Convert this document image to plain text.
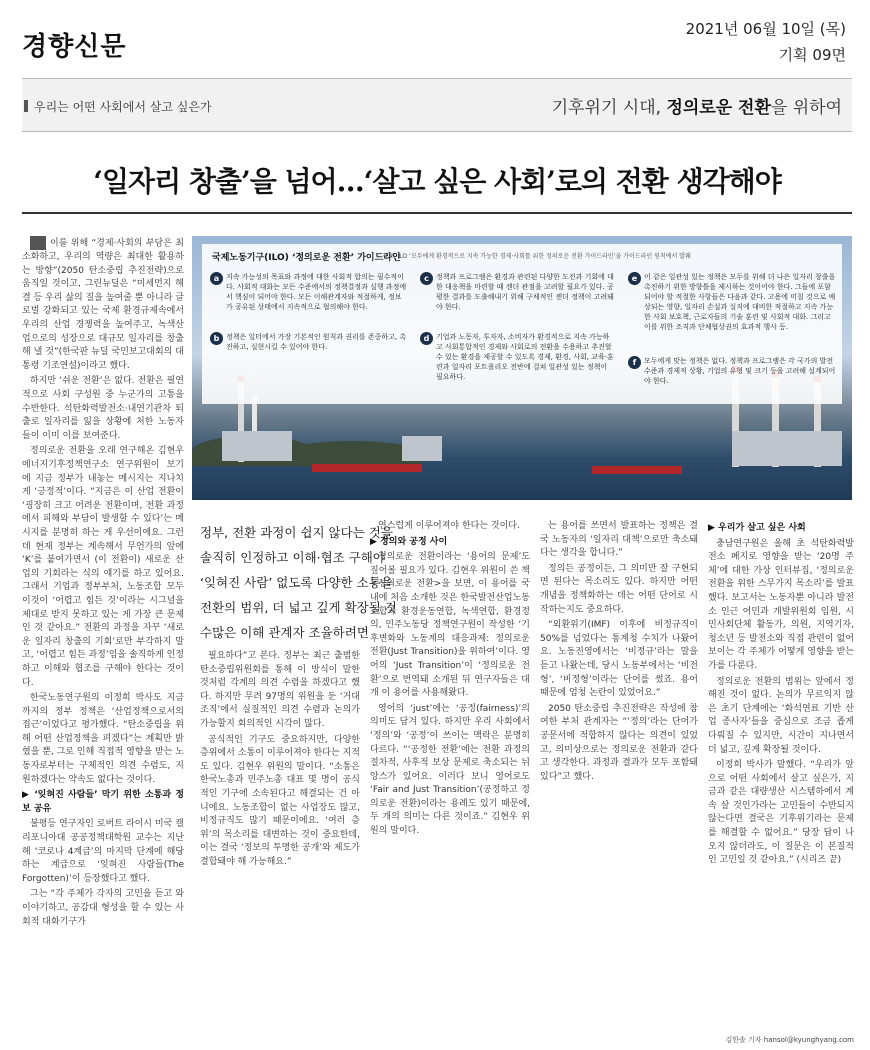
경향신문
2021년 06월 10일 (목)
기획 09면
우리는 어떤 사회에서 살고 싶은가	기후위기 시대, 정의로운 전환을 위하여
‘일자리 창출’을 넘어…‘살고 싶은 사회’로의 전환 생각해야

이를 위해 “경제·사회의 부담은 최소화하고, 우리의 역량은 최대한 활용하는 방향”(2050 탄소중립 추진전략)으로 움직일 것이고, 그린뉴딜은 “미세먼지 해결 등 우리 삶의 질을 높여줄 뿐 아니라 글로벌 강화되고 있는 국제 환경규제속에서 우리의 산업 경쟁력을 높여주고, 녹색산업으로의 성장으로 대규모 일자리를 창출해 낼 것”(한국판 뉴딜 국민보고대회의 대통령 기조연설)이라고 했다.

하지만 ‘쉬운 전환’은 없다. 전환은 필연적으로 사회 구성원 중 누군가의 고통을 수반한다. 석탄화력발전소·내연기관차 퇴출로 일자리를 잃을 상황에 처한 노동자들이 이미 이를 보여준다.

정의로운 전환을 오래 연구해온 김현우 에너지기후정책연구소 연구위원이 보기에 지금 정부가 내놓는 메시지는 지나치게 ‘긍정적’이다. “지금은 이 산업 전환이 ‘굉장히 크고 어려운 전환이며, 전환 과정에서 피해와 부담이 발생할 수 있다’는 메시지를 분명히 하는 게 우선이에요. 그런데 현재 정부는 계속해서 무언가의 앞에 ‘K’를 붙여가면서 (이 전환이) 새로운 산업의 기회라는 식의 얘기를 하고 있어요. 그래서 기업과 정부부처, 노동조합 모두 이것이 ‘어렵고 힘든 것’이라는 시그널을 제대로 받지 못하고 있는 게 가장 큰 문제인 것 같아요.” 전환의 과정을 자꾸 ‘새로운 일자리 창출의 기회’로만 부각하지 말고, ‘어렵고 힘든 과정’임을 솔직하게 인정하고 이해와 협조를 구해야 한다는 것이다.

한국노동연구원의 이정희 박사도 지금까지의 정부 정책은 ‘산업정책으로서의 접근’이었다고 평가했다. “탄소중립을 위해 어떤 산업정책을 펴겠다”는 계획만 밝혔을 뿐, 그로 인해 직접적 영향을 받는 노동자로부터는 구체적인 의견 수렴도, 지원하겠다는 약속도 없다는 것이다.

▶ ‘잊혀진 사람들’ 막기 위한 소통과 정보 공유

불평등 연구자인 로버트 라이시 미국 캘리포니아대 공공정책대학원 교수는 지난해 ‘코로나 4계급’의 마지막 단계에 해당하는 계급으로 ‘잊혀진 사람들(The Forgotten)’이 등장했다고 했다.

그는 “각 주체가 각자의 고민을 듣고 와 이야기하고, 공감대 형성을 할 수 있는 사회적 대화기구가

국제노동기구(ILO) ‘정의로운 전환’ 가이드라인
자료: ILO ‘모두에게 환경적으로 지속 가능한 경제·사회를 위한 정의로운 전환 가이드라인’을 가이드라인 원칙에서 발췌
a 지속 가능성의 목표와 과정에 대한 사회적 합의는 필수적이다. 사회적 대화는 모든 수준에서의 정책결정과 실행 과정에서 핵심이 되어야 한다. 모든 이해관계자와 적절하게, 정보가 공유된 상태에서 지속적으로 협의해야 한다.
b 정책은 일터에서 가장 기본적인 원칙과 권리를 존중하고, 촉진하고, 실현시킬 수 있어야 한다.
c	정책과 프로그램은 환경과 관련된 다양한 도전과 기회에 대한 대응책을 마련할 때 젠더 관점을 고려할 필요가 있다. 공평한 결과를 도출해내기 위해 구체적인 젠더 정책이 고려돼야 한다.
d 기업과 노동자, 투자자, 소비자가 환경적으로 지속 가능하고 사회통합적인 경제와 사회로의 전환을 수용하고 추진할 수 있는 환경을 제공할 수 있도록 경제, 환경, 사회, 교육·훈련과 일자리 포트폴리오 전반에 걸쳐 일관성 있는 정책이 필요하다.
e 이 같은 일관성 있는 정책은 모두를 위해 더 나은 일자리 창출을 촉진하기 위한 방향틀을 제시하는 것이어야 한다. 그들에 포함되어야 할 적절한 사항들은 다음과 같다. 고용에 미칠 것으로 예상되는 영향, 일자리 손실과 실직에 대비한 적절하고 지속 가능한 사회 보호책, 근로자들의 기술 훈련 및 사회적 대화. 그리고 이를 위한 조직과 단체협상권의 효과적 행사 등.
f	모두에게 맞는 정책은 없다. 정책과 프로그램은 각 국가의 발전 수준과 경제적 상황, 기업의 유형 및 크기 등을 고려해 설계되어야 한다.
정부, 전환 과정이 쉽지 않다는 것을
솔직히 인정하고 이해·협조 구해야
‘잊혀진 사람’ 없도록 다양한 소통을
전환의 범위, 더 넓고 깊게 확장될 것
수많은 이해 관계자 조율하려면

필요하다”고 본다. 정부는 최근 출범한 탄소중립위원회를 통해 이 방식이 말한 것처럼 각계의 의견 수렴을 하겠다고 했다. 하지만 무려 97명의 위원을 둔 ‘거대 조직’에서 실질적인 의견 수렴과 논의가 가능할지 회의적인 시각이 많다.

공식적인 기구도 중요하지만, 다양한 층위에서 소통이 이루어져야 한다는 지적도 있다. 김현우 위원의 말이다. “소통은 한국노총과 민주노총 대표 몇 명이 공식적인 기구에 소속된다고 해결되는 건 아니에요. 노동조합이 없는 사업장도 많고, 비정규직도 많기 때문이에요. ‘여러 층위’의 목소리를 대변하는 것이 중요한데, 이는 결국 ‘정보의 투명한 공개’와 제도가 결합돼야 해 가능해요.”

연스럽게 이루어져야 한다는 것이다.

▶ 정의와 공정 사이

정의로운 전환이라는 ‘용어의 문제’도 짚어볼 필요가 있다. 김현우 위원이 쓴 책 <정의로운 전환>을 보면, 이 용어를 국내에 처음 소개한 것은 한국발전산업노동조합과 환경운동연합, 녹색연합, 환경정의, 민주노동당 정책연구원이 작성한 ‘기후변화와 노동계의 대응과제: 정의로운 전환(Just Transition)을 위하여’이다. 영어의 ‘Just Transition’이 ‘정의로운 전환’으로 번역돼 소개된 뒤 연구자들은 대개 이 용어를 사용해왔다.

영어의 ‘just’에는 ‘공정(fairness)’의 의미도 담겨 있다. 하지만 우리 사회에서 ‘정의’와 ‘공정’이 쓰이는 맥락은 분명히 다르다. “‘공정한 전환’에는 전환 과정의 절차적, 사후적 보상 문제로 축소되는 뉘앙스가 있어요. 이러다 보니 영어로도 ‘Fair and Just Transition’(공정하고 정의로운 전환)이라는 용례도 있기 때문에, 두 개의 의미는 다른 것이죠.” 김현우 위원의 말이다.

는 용어를 쓰면서 발표하는 정책은 결국 노동자의 ‘일자리 대책’으로만 축소돼다는 생각을 합니다.”

정의든 공정이든, 그 의미만 잘 구현되면 된다는 목소리도 있다. 하지만 어떤 개념을 정책화하는 데는 어떤 단어로 시작하는지도 중요하다.

“외환위기(IMF) 이후에 비정규직이 50%를 넘었다는 통계청 수치가 나왔어요. 노동진영에서는 ‘비정규’라는 말을 듣고 나왔는데, 당시 노동부에서는 ‘비전형’, ‘비정형’이라는 단어를 썼죠. 용어 때문에 엄청 논란이 있었어요.”

2050 탄소중립 추진전략은 작성에 참여한 부처 관계자는 “‘정의’라는 단어가 공문서에 적합하지 않다는 의견이 있었고, 의미상으로는 정의로운 전환과 같다고 생각한다. 과정과 결과가 모두 포함돼 있다”고 했다.

▶ 우리가 살고 싶은 사회

충남연구원은 올해 초 석탄화력발전소 폐지로 영향을 받는 ‘20명 주체’에 대한 가상 인터뷰집, ‘정의로운 전환을 위한 스무가지 목소리’를 발표했다. 보고서는 노동자뿐 아니라 발전소 인근 어민과 개발위원회 임원, 시민사회단체 활동가, 의원, 지역기자, 청소년 등 발전소와 직접 관련이 없어 보이는 각 주체가 어떻게 영향을 받는가를 다룬다.

정의로운 전환의 범위는 앞에서 정해진 것이 없다. 논의가 무르익지 않은 초기 단계에는 ‘화석연료 기반 산업 종사자’들을 중심으로 조금 좁게 다뤄질 수 있지만, 시간이 지나면서 더 넓고, 깊게 확장될 것이다.

이정희 박사가 말했다. “우리가 앞으로 어떤 사회에서 살고 싶은가, 지금과 같은 대량생산 시스템하에서 계속 살 것인가라는 고민들이 수반되지 않는다면 결국은 기후위기라는 문제를 해결할 수 없어요.” 당장 답이 나오지 않더라도, 이 질문은 이 본질적인 고민일 것 같아요.” (시리즈 끝)

김한솔 기자 hansol@kyunghyang.com
